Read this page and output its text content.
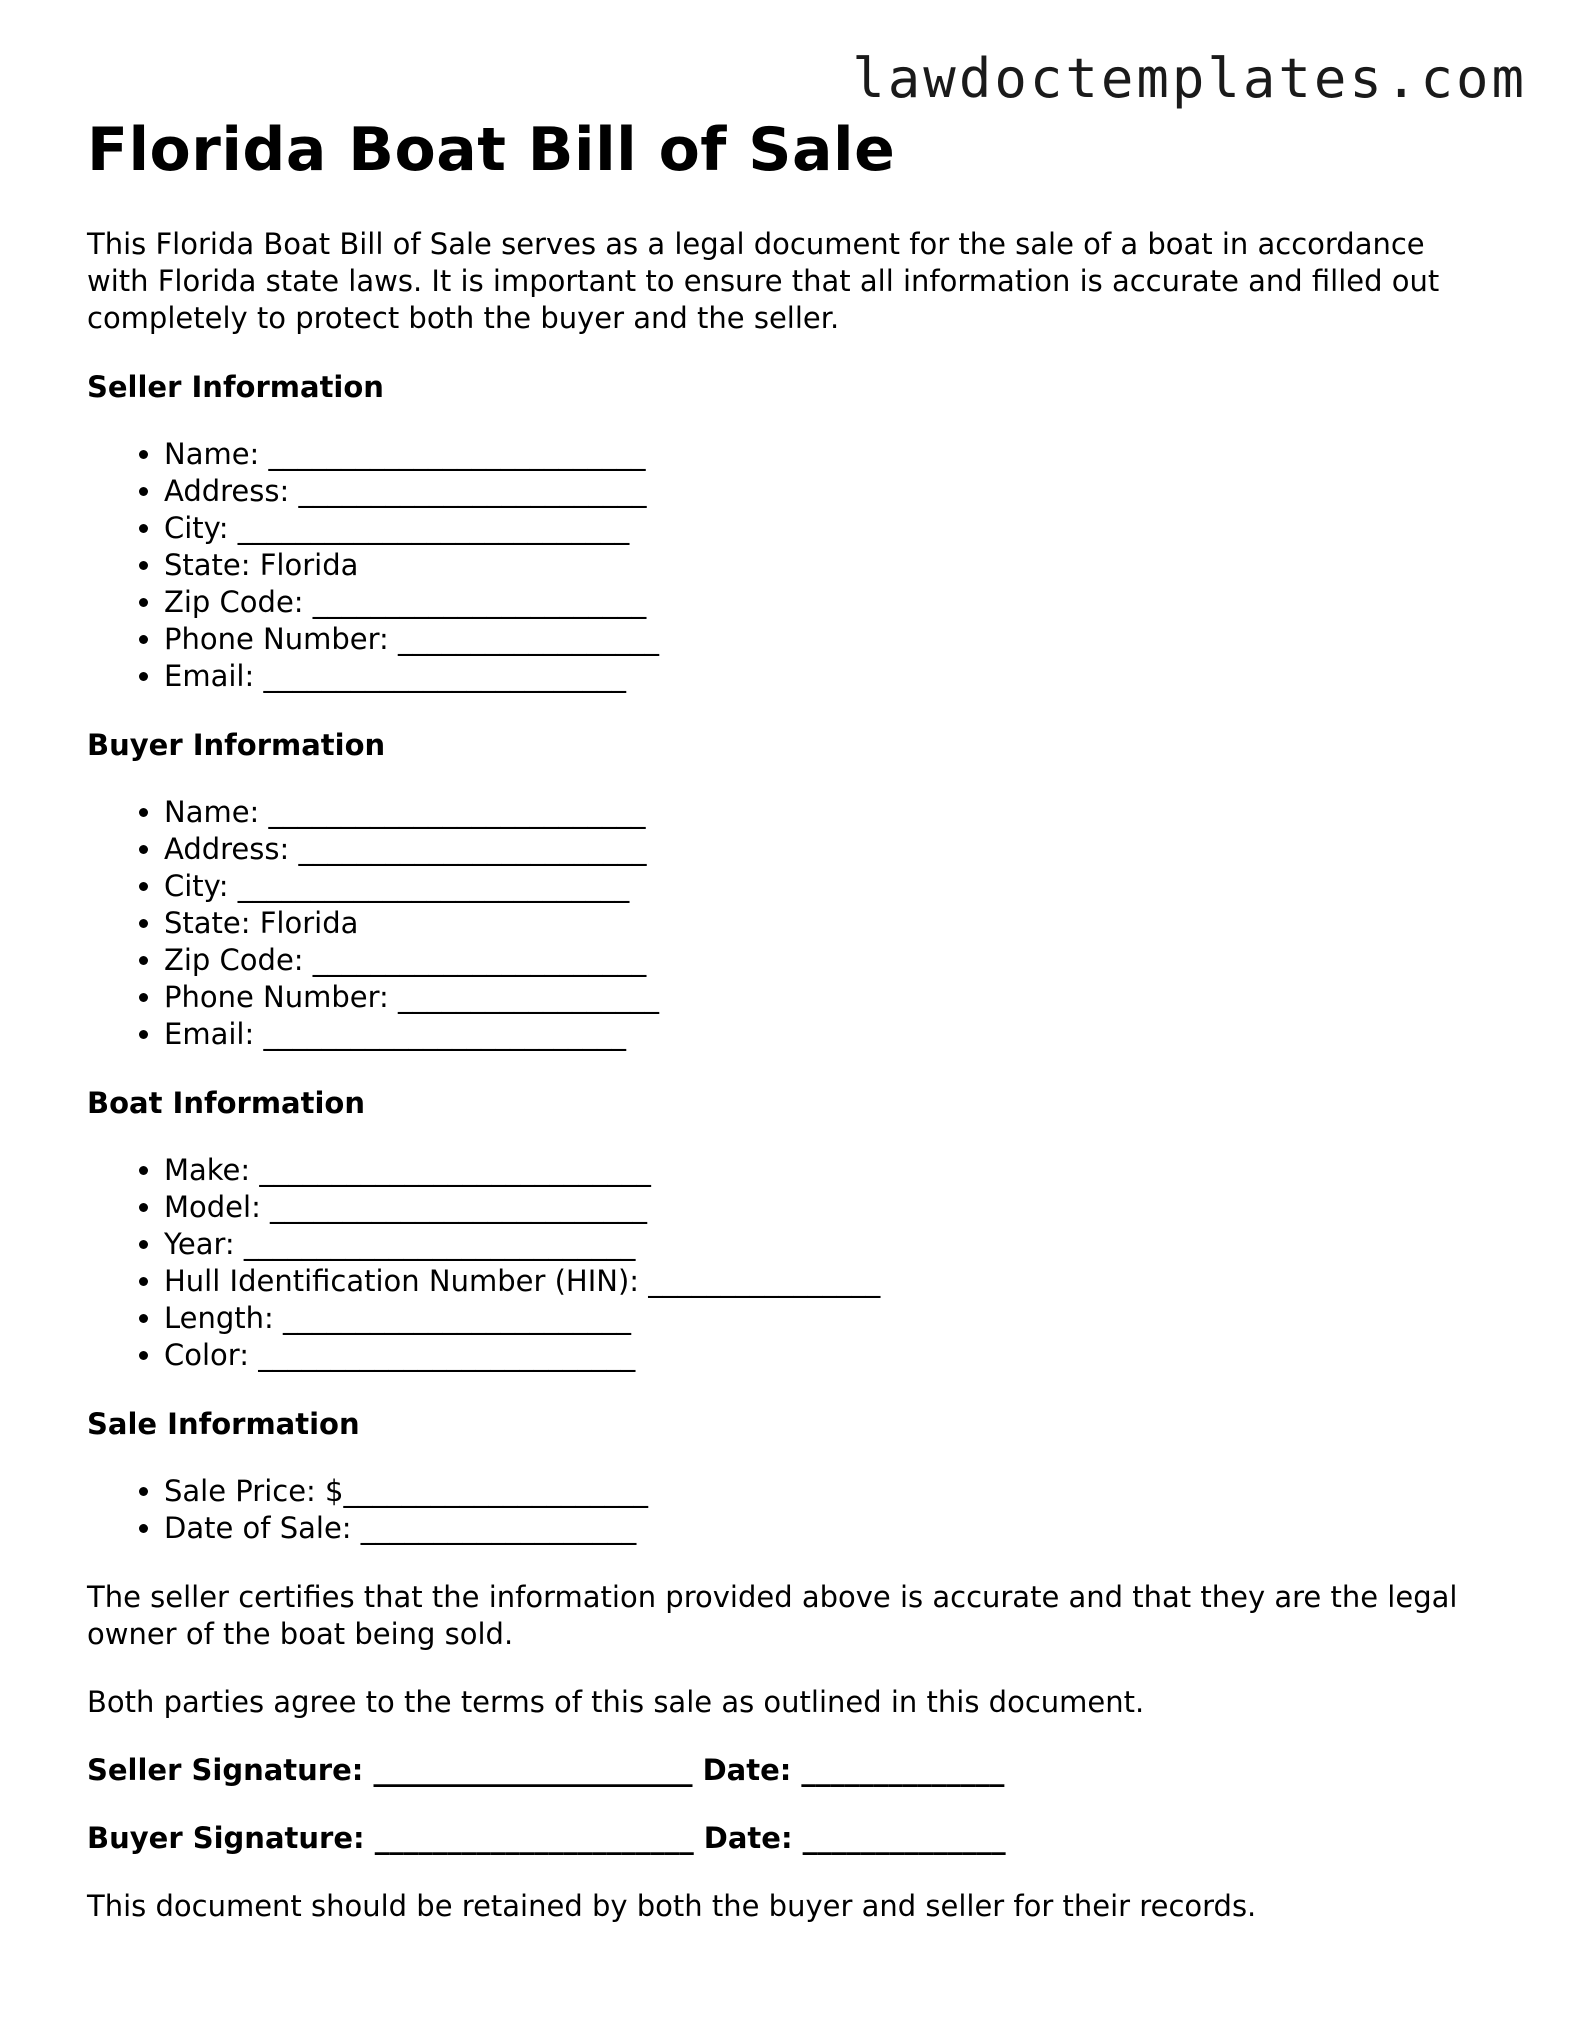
lawdoctemplates.com
Florida Boat Bill of Sale

This Florida Boat Bill of Sale serves as a legal document for the sale of a boat in accordance with Florida state laws. It is important to ensure that all information is accurate and filled out completely to protect both the buyer and the seller.

Seller Information
• Name: __________________________
• Address: ________________________
• City: ___________________________
• State: Florida
• Zip Code: _______________________
• Phone Number: __________________
• Email: _________________________
Buyer Information
• Name: __________________________
• Address: ________________________
• City: ___________________________
• State: Florida
• Zip Code: _______________________
• Phone Number: __________________
• Email: _________________________
Boat Information
• Make: ___________________________
• Model: __________________________
• Year: ___________________________
• Hull Identification Number (HIN): ________________
• Length: ________________________
• Color: __________________________
Sale Information
• Sale Price: $_____________________
• Date of Sale: ___________________

The seller certifies that the information provided above is accurate and that they are the legal owner of the boat being sold.

Both parties agree to the terms of this sale as outlined in this document.

Seller Signature: ______________________ Date: ______________

Buyer Signature: ______________________ Date: ______________

This document should be retained by both the buyer and seller for their records.
